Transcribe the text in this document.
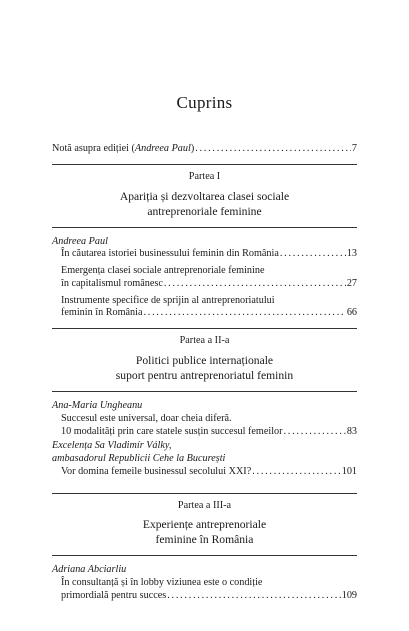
Cuprins
Notă asupra ediției (Andreea Paul) . . .	7
Partea I
Apariția și dezvoltarea clasei sociale
antreprenoriale feminine
Andreea Paul
În căutarea istoriei businessului feminin din România . . .	13
Emergența clasei sociale antreprenoriale feminine
în capitalismul românesc . . .	27
Instrumente specifice de sprijin al antreprenoriatului
feminin în România . . .	66
Partea a II-a
Politici publice internaționale
suport pentru antreprenoriatul feminin
Ana-Maria Ungheanu
Succesul este universal, doar cheia diferă.
10 modalități prin care statele susțin succesul femeilor . . .	83
Excelența Sa Vladimír Války,
ambasadorul Republicii Cehe la București
Vor domina femeile businessul secolului XXI? . . .	101
Partea a III-a
Experiențe antreprenoriale
feminine în România
Adriana Abciarliu
În consultanță și în lobby viziunea este o condiție
primordială pentru succes . . .	109
